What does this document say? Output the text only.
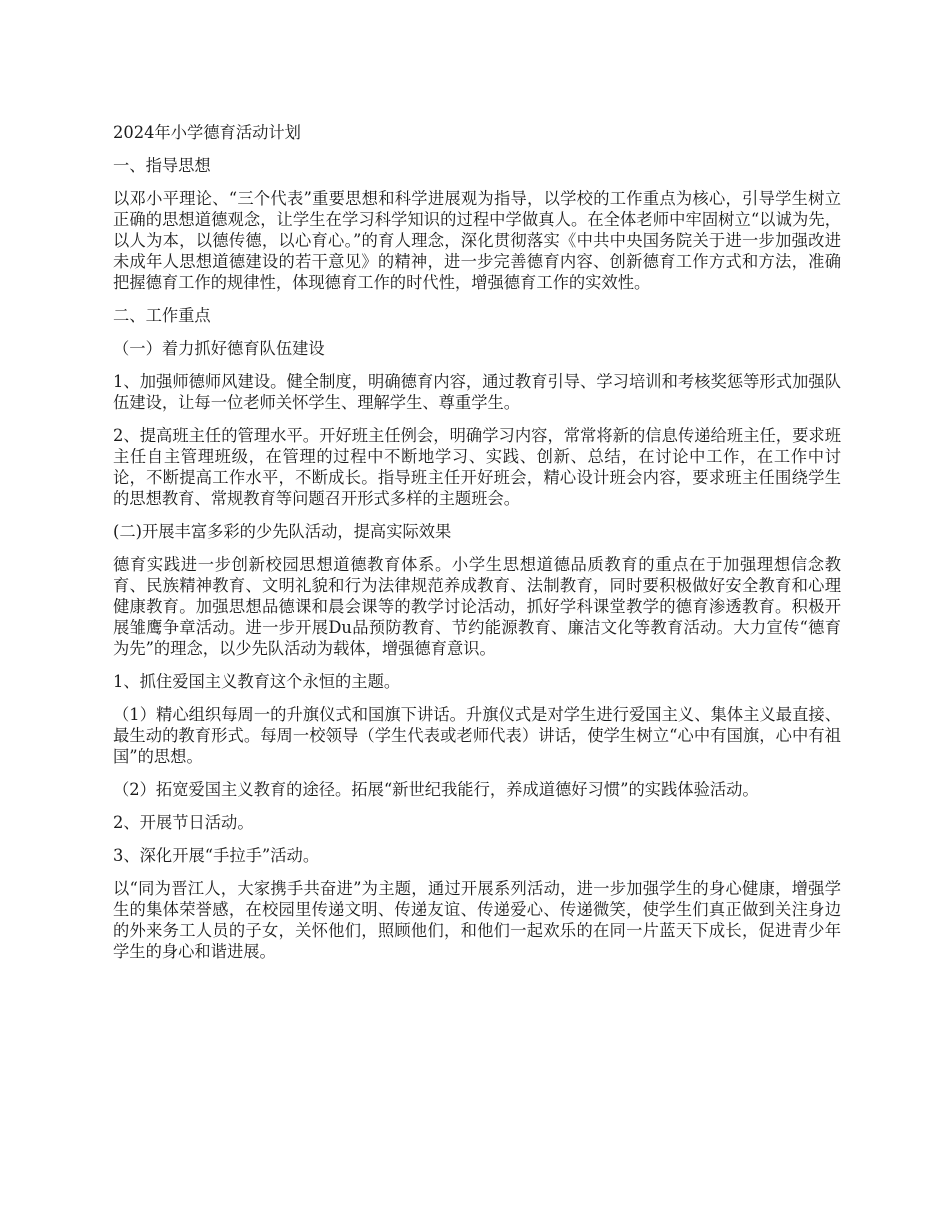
2024年小学德育活动计划

一、指导思想

以邓小平理论、“三个代表”重要思想和科学进展观为指导，以学校的工作重点为核心，引导学生树立正确的思想道德观念，让学生在学习科学知识的过程中学做真人。在全体老师中牢固树立“以诚为先，以人为本，以德传德，以心育心。”的育人理念，深化贯彻落实《中共中央国务院关于进一步加强改进未成年人思想道德建设的若干意见》的精神，进一步完善德育内容、创新德育工作方式和方法，准确把握德育工作的规律性，体现德育工作的时代性，增强德育工作的实效性。

二、工作重点

（一）着力抓好德育队伍建设

1、加强师德师风建设。健全制度，明确德育内容，通过教育引导、学习培训和考核奖惩等形式加强队伍建设，让每一位老师关怀学生、理解学生、尊重学生。

2、提高班主任的管理水平。开好班主任例会，明确学习内容，常常将新的信息传递给班主任，要求班主任自主管理班级，在管理的过程中不断地学习、实践、创新、总结，在讨论中工作，在工作中讨论，不断提高工作水平，不断成长。指导班主任开好班会，精心设计班会内容，要求班主任围绕学生的思想教育、常规教育等问题召开形式多样的主题班会。

(二)开展丰富多彩的少先队活动，提高实际效果

德育实践进一步创新校园思想道德教育体系。小学生思想道德品质教育的重点在于加强理想信念教育、民族精神教育、文明礼貌和行为法律规范养成教育、法制教育，同时要积极做好安全教育和心理健康教育。加强思想品德课和晨会课等的教学讨论活动，抓好学科课堂教学的德育渗透教育。积极开展雏鹰争章活动。进一步开展Du品预防教育、节约能源教育、廉洁文化等教育活动。大力宣传“德育为先”的理念，以少先队活动为载体，增强德育意识。

1、抓住爱国主义教育这个永恒的主题。

（1）精心组织每周一的升旗仪式和国旗下讲话。升旗仪式是对学生进行爱国主义、集体主义最直接、最生动的教育形式。每周一校领导（学生代表或老师代表）讲话，使学生树立“心中有国旗，心中有祖国”的思想。

（2）拓宽爱国主义教育的途径。拓展“新世纪我能行，养成道德好习惯”的实践体验活动。

2、开展节日活动。

3、深化开展“手拉手”活动。

以“同为晋江人，大家携手共奋进”为主题，通过开展系列活动，进一步加强学生的身心健康，增强学生的集体荣誉感，在校园里传递文明、传递友谊、传递爱心、传递微笑，使学生们真正做到关注身边的外来务工人员的子女，关怀他们，照顾他们，和他们一起欢乐的在同一片蓝天下成长，促进青少年学生的身心和谐进展。
